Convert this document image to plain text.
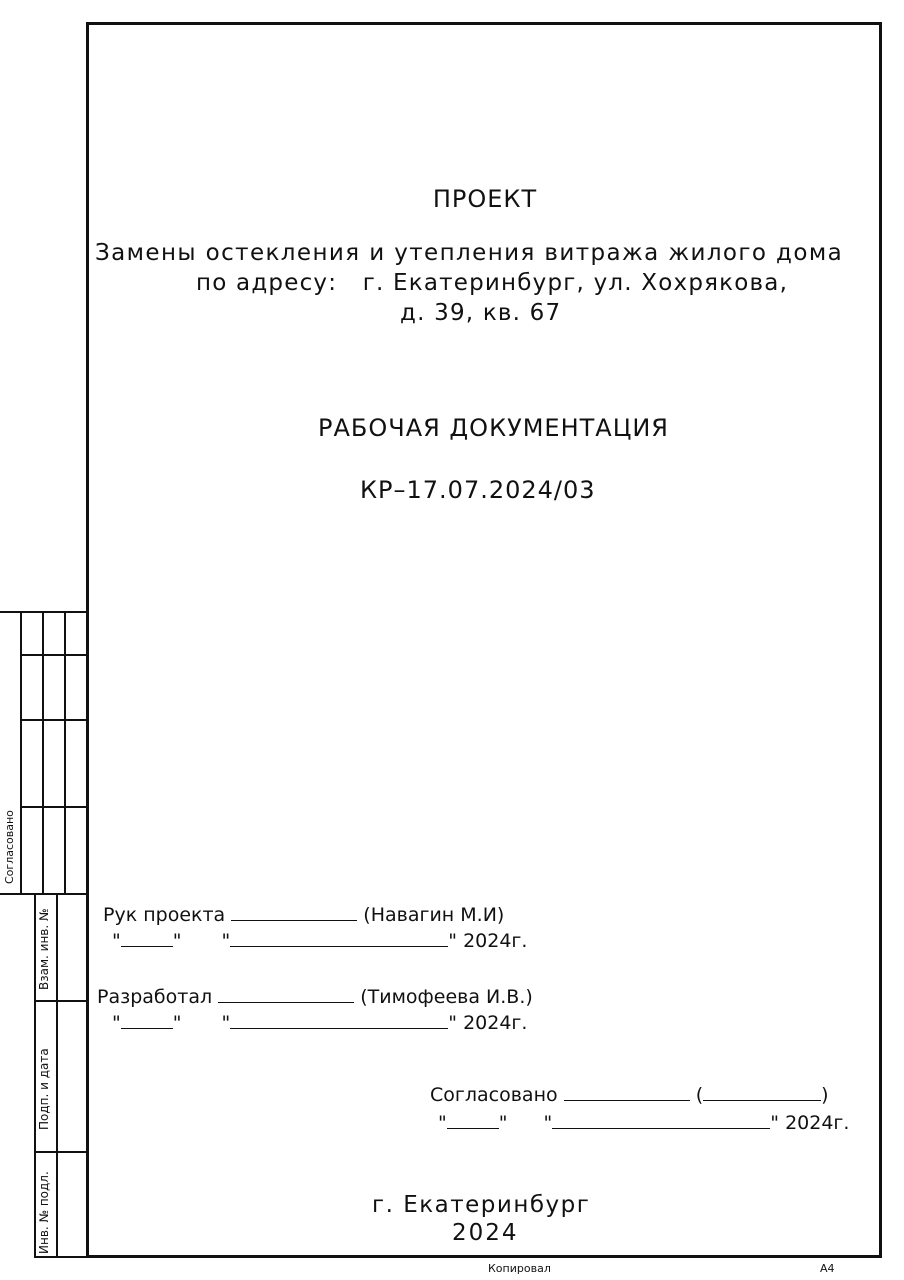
Согласовано
Взам. инв. №
Подп. и дата
Инв. № подл.
ПРОЕКТ
Замены остекления и утепления витража жилого дома
по адресу:   г. Екатеринбург, ул. Хохрякова,
д. 39, кв. 67
РАБОЧАЯ ДОКУМЕНТАЦИЯ
КР–17.07.2024/03
Рук проекта	(Навагин М.И)
"	" "	" 2024г.
Разработал	(Тимофеева И.В.)
"	" "	" 2024г.
Согласовано	(	)
"	" "	" 2024г.
г. Екатеринбург
2024
Копировал	А4
